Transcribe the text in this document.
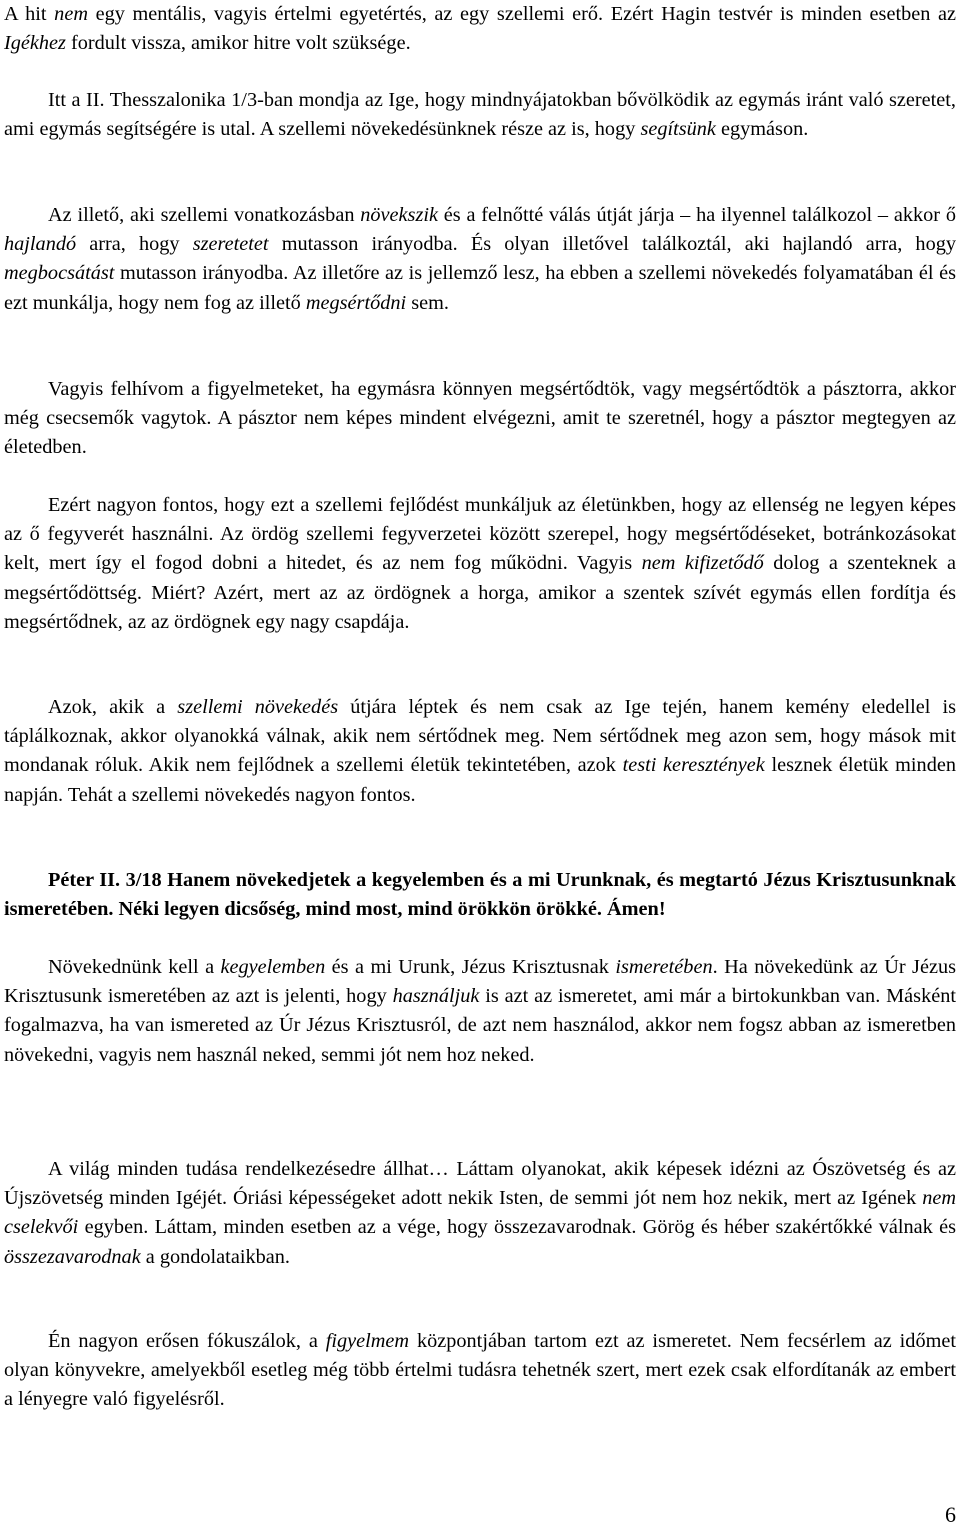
A hit nem egy mentális, vagyis értelmi egyetértés, az egy szellemi erő. Ezért Hagin testvér is minden esetben az Igékhez fordult vissza, amikor hitre volt szüksége.

Itt a II. Thesszalonika 1/3-ban mondja az Ige, hogy mindnyájatokban bővölködik az egymás iránt való szeretet, ami egymás segítségére is utal. A szellemi növekedésünknek része az is, hogy segítsünk egymáson.

Az illető, aki szellemi vonatkozásban növekszik és a felnőtté válás útját járja – ha ilyennel találkozol – akkor ő hajlandó arra, hogy szeretetet mutasson irányodba. És olyan illetővel találkoztál, aki hajlandó arra, hogy megbocsátást mutasson irányodba. Az illetőre az is jellemző lesz, ha ebben a szellemi növekedés folyamatában él és ezt munkálja, hogy nem fog az illető megsértődni sem.

Vagyis felhívom a figyelmeteket, ha egymásra könnyen megsértődtök, vagy megsértődtök a pásztorra, akkor még csecsemők vagytok. A pásztor nem képes mindent elvégezni, amit te szeretnél, hogy a pásztor megtegyen az életedben.

Ezért nagyon fontos, hogy ezt a szellemi fejlődést munkáljuk az életünkben, hogy az ellenség ne legyen képes az ő fegyverét használni. Az ördög szellemi fegyverzetei között szerepel, hogy megsértődéseket, botránkozásokat kelt, mert így el fogod dobni a hitedet, és az nem fog működni. Vagyis nem kifizetődő dolog a szenteknek a megsértődöttség. Miért? Azért, mert az az ördögnek a horga, amikor a szentek szívét egymás ellen fordítja és megsértődnek, az az ördögnek egy nagy csapdája.

Azok, akik a szellemi növekedés útjára léptek és nem csak az Ige tején, hanem kemény eledellel is táplálkoznak, akkor olyanokká válnak, akik nem sértődnek meg. Nem sértődnek meg azon sem, hogy mások mit mondanak róluk. Akik nem fejlődnek a szellemi életük tekintetében, azok testi keresztények lesznek életük minden napján. Tehát a szellemi növekedés nagyon fontos.

Péter II. 3/18 Hanem növekedjetek a kegyelemben és a mi Urunknak, és megtartó Jézus Krisztusunknak ismeretében. Néki legyen dicsőség, mind most, mind örökkön örökké. Ámen!

Növekednünk kell a kegyelemben és a mi Urunk, Jézus Krisztusnak ismeretében. Ha növekedünk az Úr Jézus Krisztusunk ismeretében az azt is jelenti, hogy használjuk is azt az ismeretet, ami már a birtokunkban van. Másként fogalmazva, ha van ismereted az Úr Jézus Krisztusról, de azt nem használod, akkor nem fogsz abban az ismeretben növekedni, vagyis nem használ neked, semmi jót nem hoz neked.

A világ minden tudása rendelkezésedre állhat… Láttam olyanokat, akik képesek idézni az Ószövetség és az Újszövetség minden Igéjét. Óriási képességeket adott nekik Isten, de semmi jót nem hoz nekik, mert az Igének nem cselekvői egyben. Láttam, minden esetben az a vége, hogy összezavarodnak. Görög és héber szakértőkké válnak és összezavarodnak a gondolataikban.

Én nagyon erősen fókuszálok, a figyelmem központjában tartom ezt az ismeretet. Nem fecsérlem az időmet olyan könyvekre, amelyekből esetleg még több értelmi tudásra tehetnék szert, mert ezek csak elfordítanák az embert a lényegre való figyelésről.

6
